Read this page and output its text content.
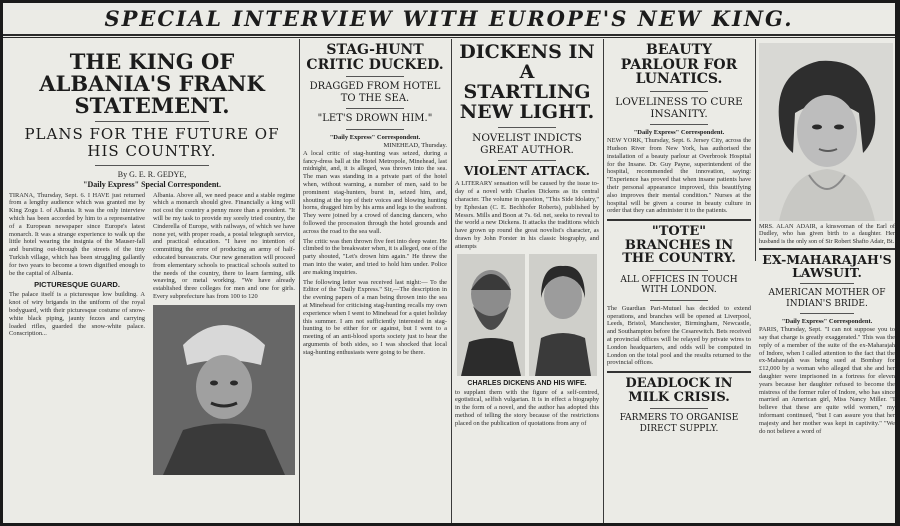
SPECIAL INTERVIEW WITH EUROPE'S NEW KING.
THE KING OF ALBANIA'S FRANK STATEMENT.
PLANS FOR THE FUTURE OF HIS COUNTRY.
By G. E. R. GEDYE,
"Daily Express" Special Correspondent.

TIRANA, Thursday, Sept. 6. I HAVE just returned from a lengthy audience which was granted me by King Zogu I. of Albania. It was the only interview which has been accorded by him to a representative of a European newspaper since Europe's latest monarch. It was a strange experience to walk up the little hotel wearing the insignia of the Mauser-fall and bursting out-through the streets of the tiny Turkish village, which has been struggling gallantly for two years to become a town dignified enough to be the capital of Albania.

PICTURESQUE GUARD.

The palace itself is a picturesque low building. A knot of wiry brigands in the uniform of the royal bodyguard, with their picturesque costume of snow-white black piping, jaunty fezzes and carrying loaded rifles, guarded the snow-white palace. Conscription...

Albania. Above all, we need peace and a stable regime which a monarch should give. Financially a king will not cost the country a penny more than a president. "It will be my task to provide my sorely tried country, the Cinderella of Europe, with railways, of which we have none yet, with proper roads, a postal telegraph service, and practical education. "I have no intention of committing the error of producing an army of half-educated bureaucrats. Our new generation will proceed from elementary schools to practical schools suited to the needs of the country, there to learn farming, silk weaving, or metal working. "We have already established three colleges for men and one for girls. Every subprefecture has from 100 to 120

STAG-HUNT CRITIC DUCKED.
DRAGGED FROM HOTEL TO THE SEA.
"LET'S DROWN HIM."
"Daily Express" Correspondent.
MINEHEAD, Thursday.

A local critic of stag-hunting was seized, during a fancy-dress ball at the Hotel Metropole, Minehead, last midnight, and, it is alleged, was thrown into the sea. The man was standing in a private part of the hotel when, without warning, a number of men, said to be prominent stag-hunters, burst in, seized him, and, shouting at the top of their voices and blowing hunting horns, dragged him by his arms and legs to the seafront. They were joined by a crowd of dancing dancers, who followed the procession through the hotel grounds and across the road to the sea wall.

The critic was then thrown five feet into deep water. He climbed to the breakwater when, it is alleged, one of the party shouted, "Let's drown him again." He threw the man into the water, and tried to hold him under. Police are making inquiries.

The following letter was received last night:— To the Editor of the "Daily Express." Sir,—The description in the evening papers of a man being thrown into the sea at Minehead for criticising stag-hunting recalls my own experience when I went to Minehead for a quiet holiday this summer. I am not sufficiently interested in stag-hunting to be either for or against, but I went to a meeting of an anti-blood sports society just to hear the arguments of both sides, so I was shocked that local stag-hunting enthusiasts were going to be there.

DICKENS IN A STARTLING NEW LIGHT.
NOVELIST INDICTS GREAT AUTHOR.
VIOLENT ATTACK.

A LITERARY sensation will be caused by the issue to-day of a novel with Charles Dickens as its central character. The volume in question, "This Side Idolatry," by Ephesian (C. E. Bechhofer Roberts), published by Messrs. Mills and Boon at 7s. 6d. net, seeks to reveal to the world a new Dickens. It attacks the traditions which have grown up round the great novelist's character, as drawn by John Forster in his classic biography, and attempts

CHARLES DICKENS AND HIS WIFE.

to supplant them with the figure of a self-centred, egotistical, selfish vulgarian. It is in effect a biography in the form of a novel, and the author has adopted this method of telling the story because of the restrictions placed on the publication of quotations from any of

BEAUTY PARLOUR FOR LUNATICS.
LOVELINESS TO CURE INSANITY.
"Daily Express" Correspondent.

NEW YORK, Thursday, Sept. 6. Jersey City, across the Hudson River from New York, has authorised the installation of a beauty parlour at Overbrook Hospital for the Insane. Dr. Guy Payne, superintendent of the hospital, recommended the innovation, saying: "Experience has proved that when insane patients have their personal appearance improved, this beautifying also improves their mental condition." Nurses at the hospital will be given a course in beauty culture in order that they can administer it to the patients.

"TOTE" BRANCHES IN THE COUNTRY.
ALL OFFICES IN TOUCH WITH LONDON.

The Guardian Pari-Mutuel has decided to extend operations, and branches will be opened at Liverpool, Leeds, Bristol, Manchester, Birmingham, Newcastle, and Southampton before the Cesarewitch. Bets received at provincial offices will be relayed by private wires to London headquarters, and odds will be computed in London on the total pool and the results returned to the provincial offices.

DEADLOCK IN MILK CRISIS.
FARMERS TO ORGANISE DIRECT SUPPLY.

MRS. ALAN ADAIR, a kinswoman of the Earl of Dudley, who has given birth to a daughter. Her husband is the only son of Sir Robert Shafto Adair, Bt.

EX-MAHARAJAH'S LAWSUIT.
AMERICAN MOTHER OF INDIAN'S BRIDE.
"Daily Express" Correspondent.

PARIS, Thursday, Sept. "I can not suppose you to say that charge is greatly exaggerated." This was the reply of a member of the suite of the ex-Maharajah of Indore, when I called attention to the fact that the ex-Maharajah was being sued at Bombay for £12,000 by a woman who alleged that she and her daughter were imprisoned in a fortress for eleven years because her daughter refused to become the mistress of the former ruler of Indore, who has since married an American girl, Miss Nancy Miller. "I believe that these are quite wild women," my informant continued, "but I can assure you that her majesty and her mother was kept in captivity." "We do not believe a word of
